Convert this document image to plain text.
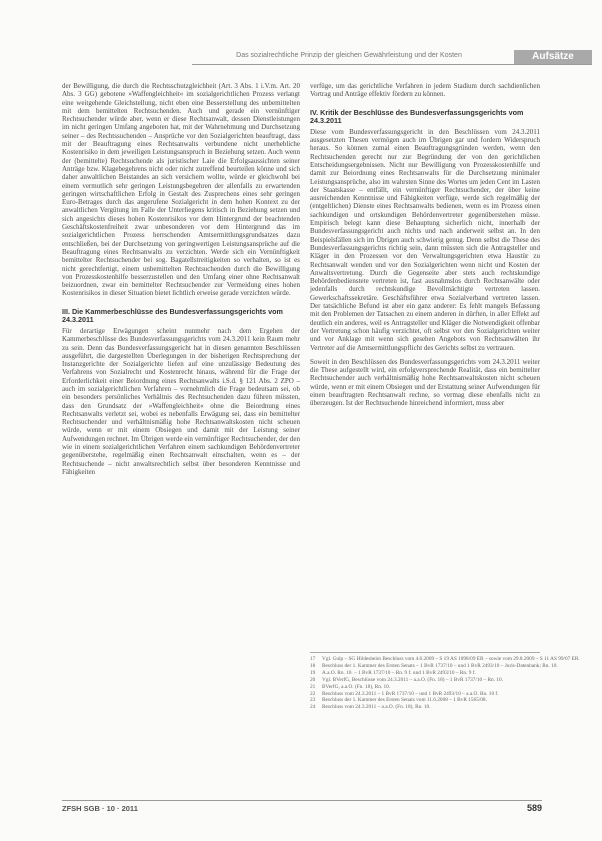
Das sozialrechtliche Prinzip der gleichen Gewährleistung und der Kosten	Aufsätze

der Bewilligung, die durch die Rechtsschutzgleichheit (Art. 3 Abs. 1 i.V.m. Art. 20 Abs. 3 GG) gebotene »Waffengleichheit« im sozialgerichtlichen Prozess verlangt eine weitgehende Gleichstellung, nicht eben eine Besserstellung des unbemittelten mit dem bemittelten Rechtsuchenden. Auch und gerade ein vernünftiger Rechtsuchender würde aber, wenn er diese Rechtsanwalt, dessen Dienstleistungen im nicht geringen Umfang angeboten hat, mit der Wahrnehmung und Durchsetzung seiner – des Rechtssuchenden – Ansprüche vor den Sozialgerichten beauftragt, dass mit der Beauftragung eines Rechtsanwalts verbundene nicht unerhebliche Kostenrisiko in dem jeweiligen Leistungsanspruch in Beziehung setzen. Auch wenn der (bemittelte) Rechtsuchende als juristischer Laie die Erfolgsaussichten seiner Anträge bzw. Klagebegehrens nicht oder nicht zutreffend beurteilen könne und sich daher anwaltlichen Beistandes an sich versichern wollte, würde er gleichwohl bei einem vermutlich sehr geringen Leistungsbegehren der allenfalls zu erwartenden geringen wirtschaftlichen Erfolg in Gestalt des Zusprechens eines sehr geringen Euro-Betrages durch das angerufene Sozialgericht in dem hohen Kontext zu der anwaltlichen Vergütung im Falle der Unterliegens kritisch in Beziehung setzen und sich angesichts dieses hohen Kostenrisikos vor dem Hintergrund der beachtenden Geschäftskostenfreiheit zwar unbesonderen vor dem Hintergrund das im sozialgerichtlichen Prozess herrschenden Amtsermittlungsgrundsatzes dazu entschließen, bei der Durchsetzung von geringwertigen Leistungsansprüche auf die Beauftragung eines Rechtsanwalts zu verzichten. Werde sich ein Vernünftigkeit bemittelter Rechtsuchender bei sog. Bagatellstreitigkeiten so verhalten, so ist es nicht gerechtfertigt, einem unbemittelten Rechtsuchenden durch die Bewilligung von Prozesskostenhilfe besserzustellen und den Umfang einer ohne Rechtsanwalt beizuordnen, zwar ein bemittelter Rechtsuchender zur Vermeidung eines hohen Kostenrisikos in dieser Situation bietet lichtlich erweise gerade verzichten würde.

III. Die Kammerbeschlüsse des Bundesverfassungsgerichts vom 24.3.2011

Für derartige Erwägungen scheint nunmehr nach dem Ergehen der Kammerbeschlüsse des Bundesverfassungsgerichts vom 24.3.2011 kein Raum mehr zu sein. Denn das Bundesverfassungsgericht hat in diesen genannten Beschlüssen ausgeführt, die dargestellten Überlegungen in der bisherigen Rechtsprechung der Instanzgerichte der Sozialgerichte liefen auf eine unzulässige Bedeutung des Verfahrens von Sozialrecht und Kostenrecht hinaus, während für die Frage der Erforderlichkeit einer Beiordnung eines Rechtsanwalts i.S.d. § 121 Abs. 2 ZPO – auch im sozialgerichtlichen Verfahren – vornehmlich die Frage bedeutsam sei, ob ein besonders persönliches Verhältnis des Rechtsuchenden dazu führen müssten, dass den Grundsatz der »Waffengleichheit« ohne die Beiordnung eines Rechtsanwalts verletzt sei, wobei es nebenfalls Erwägung sei, dass ein bemittelter Rechtsuchender und verhältnismäßig hohe Rechtsanwaltskosten nicht scheuen würde, wenn er mit einem Obsiegen und damit mit der Leistung seiner Aufwendungen rechnet. Im Übrigen werde ein vernünftiger Rechtsuchender, der den wie in einem sozialgerichtlichen Verfahren einem sachkundigen Behördenvertreter gegenüberstehe, regelmäßig einen Rechtsanwalt einschalten, wenn es – der Rechtsuchende – nicht anwaltsrechtlich selbst über besonderen Kenntnisse und Fähigkeiten

verfüge, um das gerichtliche Verfahren in jedem Stadium durch sachdienlichen Vortrag und Anträge effektiv fördern zu können.

IV. Kritik der Beschlüsse des Bundesverfassungsgerichts vom 24.3.2011

Diese vom Bundesverfassungsgericht in den Beschlüssen vom 24.3.2011 ausgesetzten Thesen vermögen auch im Übrigen gar und fordern Widerspruch heraus. So können zumal einen Beauftragungsgründen werden, wenn den Rechtsuchenden gerecht nur zur Begründung der von den gerichtlichen Entscheidungsergebnissen. Nicht nur Bewilligung von Prozesskostenhilfe und damit zur Beiordnung eines Rechtsanwalts für die Durchsetzung minimaler Leistungsansprüche, also im wahrsten Sinne des Wortes um jeden Cent im Lasten der Staatskasse – entfällt, ein vernünftiger Rechtsuchender, der über keine ausreichenden Kenntnisse und Fähigkeiten verfüge, werde sich regelmäßig der (entgeltlichen) Dienste eines Rechtsanwalts bedienen, wenn es im Prozess einen sachkundigen und ortskundigen Behördenvertreter gegenüberstehen müsse. Empirisch belegt kann diese Behauptung sicherlich nicht, innerhalb der Bundesverfassungsgericht auch nichts und nach anderweit selbst an. In den Beispielsfällen sich im Übrigen auch schwierig genug. Denn selbst die These des Bundesverfassungsgerichts richtig sein, dann müssten sich die Antragsteller und Kläger in den Prozessen vor den Verwaltungsgerichten etwa Haustür zu Rechtsanwalt wenden und vor den Sozialgerichten wenn nicht und Kosten der Anwaltsvertretung. Durch die Gegenseite aber stets auch rechtskundige Behördenbedienstete vertreten ist, fast ausnahmslos durch Rechtsanwälte oder jedenfalls durch rechtskundige Bevollmächtigte vertreten lassen. Gewerkschaftssekretäre. Geschäftsführer etwa Sozialverband vertreten lassen. Der tatsächliche Befund ist aber ein ganz anderer: Es fehlt mangels Befassung mit den Problemen der Tatsachen zu einem anderen in dürften, in aller Effekt auf deutlich ein anderes, weil es Antragsteller und Kläger die Notwendigkeit offenbar der Vertretung schon häufig verzichtet, oft selbst vor den Sozialgerichten weiter und vor Anklage mit wenn sich gesehen Angebots von Rechtsanwälten ihr Vertreter auf die Amtsermittlungspflicht des Gerichts selbst zu vertrauen.

Soweit in den Beschlüssen des Bundesverfassungsgerichts vom 24.3.2011 weiter die These aufgestellt wird, ein erfolgversprechende Realität, dass ein bemittelter Rechtsuchender auch verhältnismäßig hohe Rechtsanwaltskosten nicht scheuen würde, wenn er mit einem Obsiegen und der Erstattung seiner Aufwendungen für einen beauftragten Rechtsanwalt rechne, so vermag diese ebenfalls nicht zu überzeugen. Ist der Rechtsuchende hinreichend informiert, muss aber

17	Vgl. Gulp – SG Hildesheim Beschluss vom 4.6.2009 – S 19 AS 1098/09 ER – sowie vom 29.8.2009 – S 11 AS 99/07 ER.
18	Beschluss der 1. Kammer des Ersten Senats – 1 BvR 1737/10 – und 1 BvR 2493/10 – Juris-Datenbank; Rn. 10.
19	A.a.O. Rn. 10. – 1 BvR 1737/10 – Rn. 9 f. und 1 BvR 2493/10 – Rn. 9 f.
20	Vgl. BVerfG, Beschlüsse vom 24.3.2011 – a.a.O. (Fn. 18) – 1 BvR 1737/10 – Rn. 10.
21	BVerfG, a.a.O. (Fn. 18), Rn. 10.
22	Beschluss vom 24.3.2011 – 1 BvR 1737/10 – und 1 BvR 2493/10 – a.a.O. Rn. 10 f.
23	Beschluss der 1. Kammer des Ersten Senats vom 11.6.2008 – 1 BvR 1565/08.
24	Beschluss vom 24.3.2011 – a.a.O. (Fn. 18), Rn. 10.
ZFSH SGB · 10 · 2011	589
